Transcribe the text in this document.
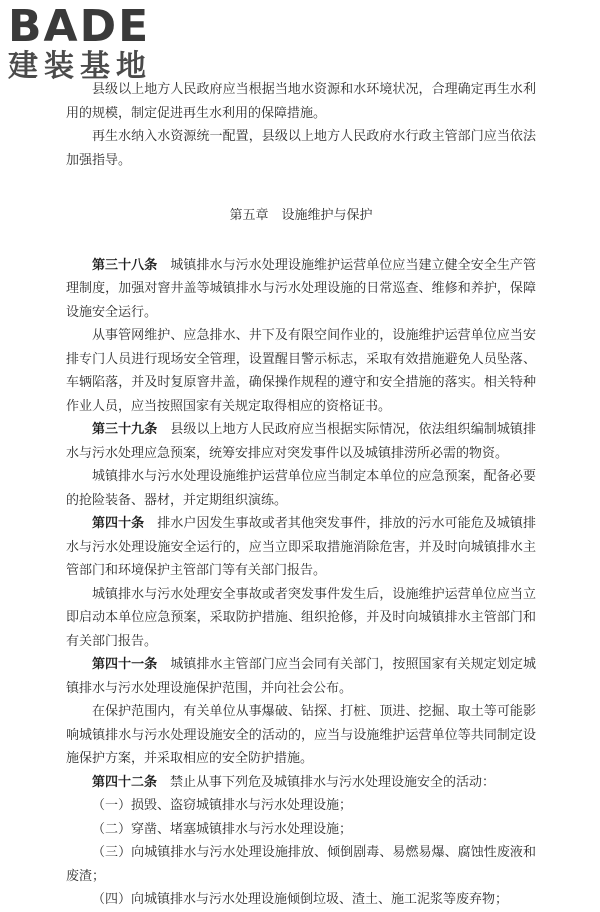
BADE
建装基地

县级以上地方人民政府应当根据当地水资源和水环境状况，合理确定再生水利用的规模，制定促进再生水利用的保障措施。

再生水纳入水资源统一配置，县级以上地方人民政府水行政主管部门应当依法加强指导。

第五章　设施维护与保护

第三十八条　城镇排水与污水处理设施维护运营单位应当建立健全安全生产管理制度，加强对窨井盖等城镇排水与污水处理设施的日常巡查、维修和养护，保障设施安全运行。

从事管网维护、应急排水、井下及有限空间作业的，设施维护运营单位应当安排专门人员进行现场安全管理，设置醒目警示标志，采取有效措施避免人员坠落、车辆陷落，并及时复原窨井盖，确保操作规程的遵守和安全措施的落实。相关特种作业人员，应当按照国家有关规定取得相应的资格证书。

第三十九条　县级以上地方人民政府应当根据实际情况，依法组织编制城镇排水与污水处理应急预案，统筹安排应对突发事件以及城镇排涝所必需的物资。

城镇排水与污水处理设施维护运营单位应当制定本单位的应急预案，配备必要的抢险装备、器材，并定期组织演练。

第四十条　排水户因发生事故或者其他突发事件，排放的污水可能危及城镇排水与污水处理设施安全运行的，应当立即采取措施消除危害，并及时向城镇排水主管部门和环境保护主管部门等有关部门报告。

城镇排水与污水处理安全事故或者突发事件发生后，设施维护运营单位应当立即启动本单位应急预案，采取防护措施、组织抢修，并及时向城镇排水主管部门和有关部门报告。

第四十一条　城镇排水主管部门应当会同有关部门，按照国家有关规定划定城镇排水与污水处理设施保护范围，并向社会公布。

在保护范围内，有关单位从事爆破、钻探、打桩、顶进、挖掘、取土等可能影响城镇排水与污水处理设施安全的活动的，应当与设施维护运营单位等共同制定设施保护方案，并采取相应的安全防护措施。

第四十二条　禁止从事下列危及城镇排水与污水处理设施安全的活动：

（一）损毁、盗窃城镇排水与污水处理设施；

（二）穿凿、堵塞城镇排水与污水处理设施；

（三）向城镇排水与污水处理设施排放、倾倒剧毒、易燃易爆、腐蚀性废液和废渣；

（四）向城镇排水与污水处理设施倾倒垃圾、渣土、施工泥浆等废弃物；
